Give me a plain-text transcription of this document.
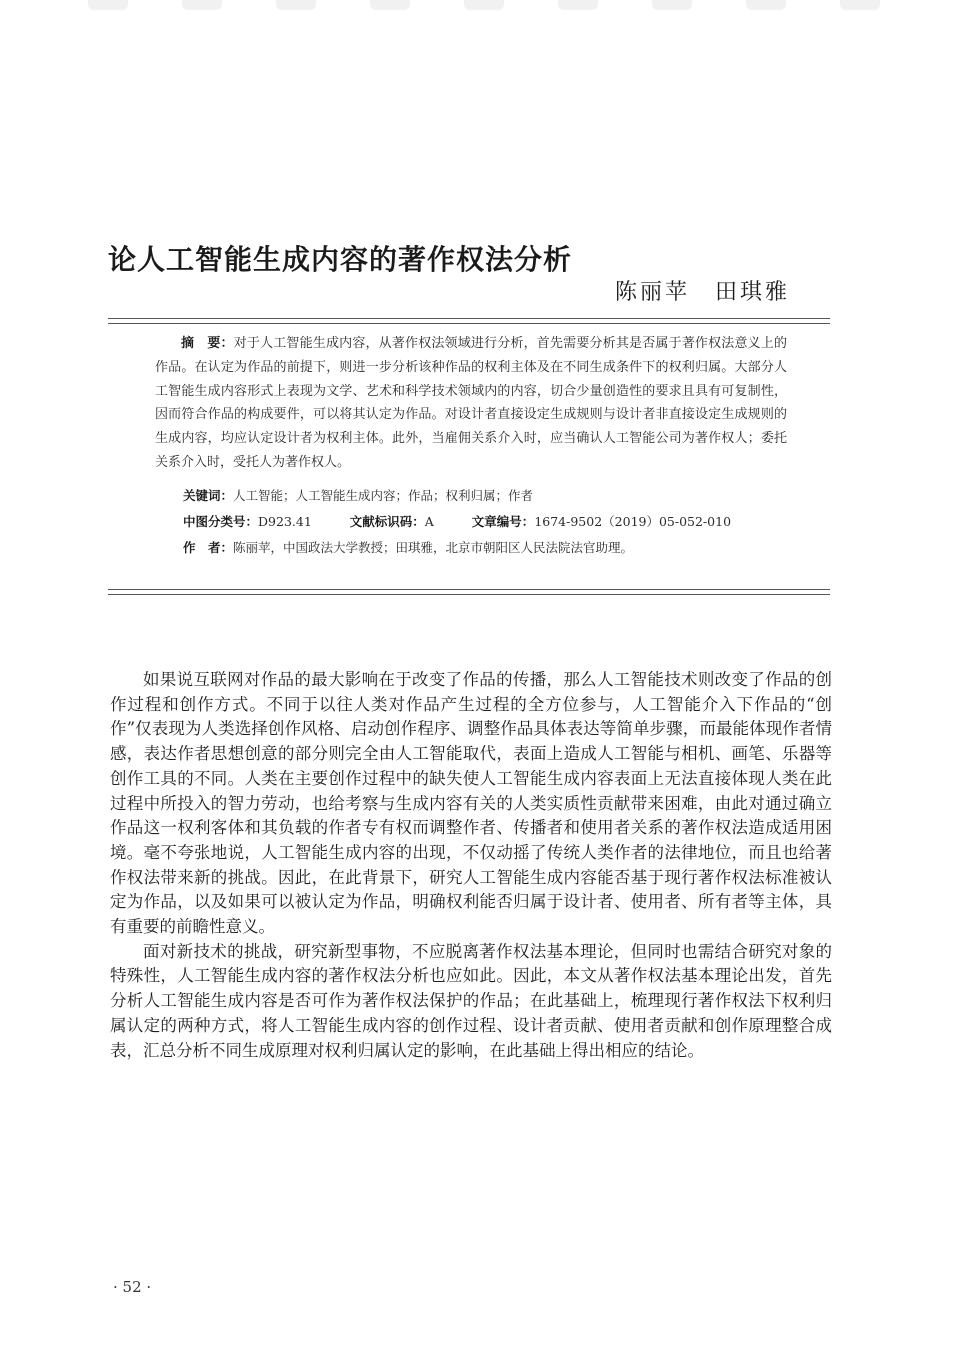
论人工智能生成内容的著作权法分析
陈丽苹　田琪雅

摘　要：对于人工智能生成内容，从著作权法领域进行分析，首先需要分析其是否属于著作权法意义上的作品。在认定为作品的前提下，则进一步分析该种作品的权利主体及在不同生成条件下的权利归属。大部分人工智能生成内容形式上表现为文学、艺术和科学技术领域内的内容，切合少量创造性的要求且具有可复制性，因而符合作品的构成要件，可以将其认定为作品。对设计者直接设定生成规则与设计者非直接设定生成规则的生成内容，均应认定设计者为权利主体。此外，当雇佣关系介入时，应当确认人工智能公司为著作权人；委托关系介入时，受托人为著作权人。

关键词：人工智能；人工智能生成内容；作品；权利归属；作者
中图分类号：D923.41	文献标识码：A	文章编号：1674-9502（2019）05-052-010
作　者：陈丽苹，中国政法大学教授；田琪雅，北京市朝阳区人民法院法官助理。

如果说互联网对作品的最大影响在于改变了作品的传播，那么人工智能技术则改变了作品的创作过程和创作方式。不同于以往人类对作品产生过程的全方位参与，人工智能介入下作品的“创作”仅表现为人类选择创作风格、启动创作程序、调整作品具体表达等简单步骤，而最能体现作者情感，表达作者思想创意的部分则完全由人工智能取代，表面上造成人工智能与相机、画笔、乐器等创作工具的不同。人类在主要创作过程中的缺失使人工智能生成内容表面上无法直接体现人类在此过程中所投入的智力劳动，也给考察与生成内容有关的人类实质性贡献带来困难，由此对通过确立作品这一权利客体和其负载的作者专有权而调整作者、传播者和使用者关系的著作权法造成适用困境。毫不夸张地说，人工智能生成内容的出现，不仅动摇了传统人类作者的法律地位，而且也给著作权法带来新的挑战。因此，在此背景下，研究人工智能生成内容能否基于现行著作权法标准被认定为作品，以及如果可以被认定为作品，明确权利能否归属于设计者、使用者、所有者等主体，具有重要的前瞻性意义。

面对新技术的挑战，研究新型事物，不应脱离著作权法基本理论，但同时也需结合研究对象的特殊性，人工智能生成内容的著作权法分析也应如此。因此，本文从著作权法基本理论出发，首先分析人工智能生成内容是否可作为著作权法保护的作品；在此基础上，梳理现行著作权法下权利归属认定的两种方式，将人工智能生成内容的创作过程、设计者贡献、使用者贡献和创作原理整合成表，汇总分析不同生成原理对权利归属认定的影响，在此基础上得出相应的结论。

· 52 ·
